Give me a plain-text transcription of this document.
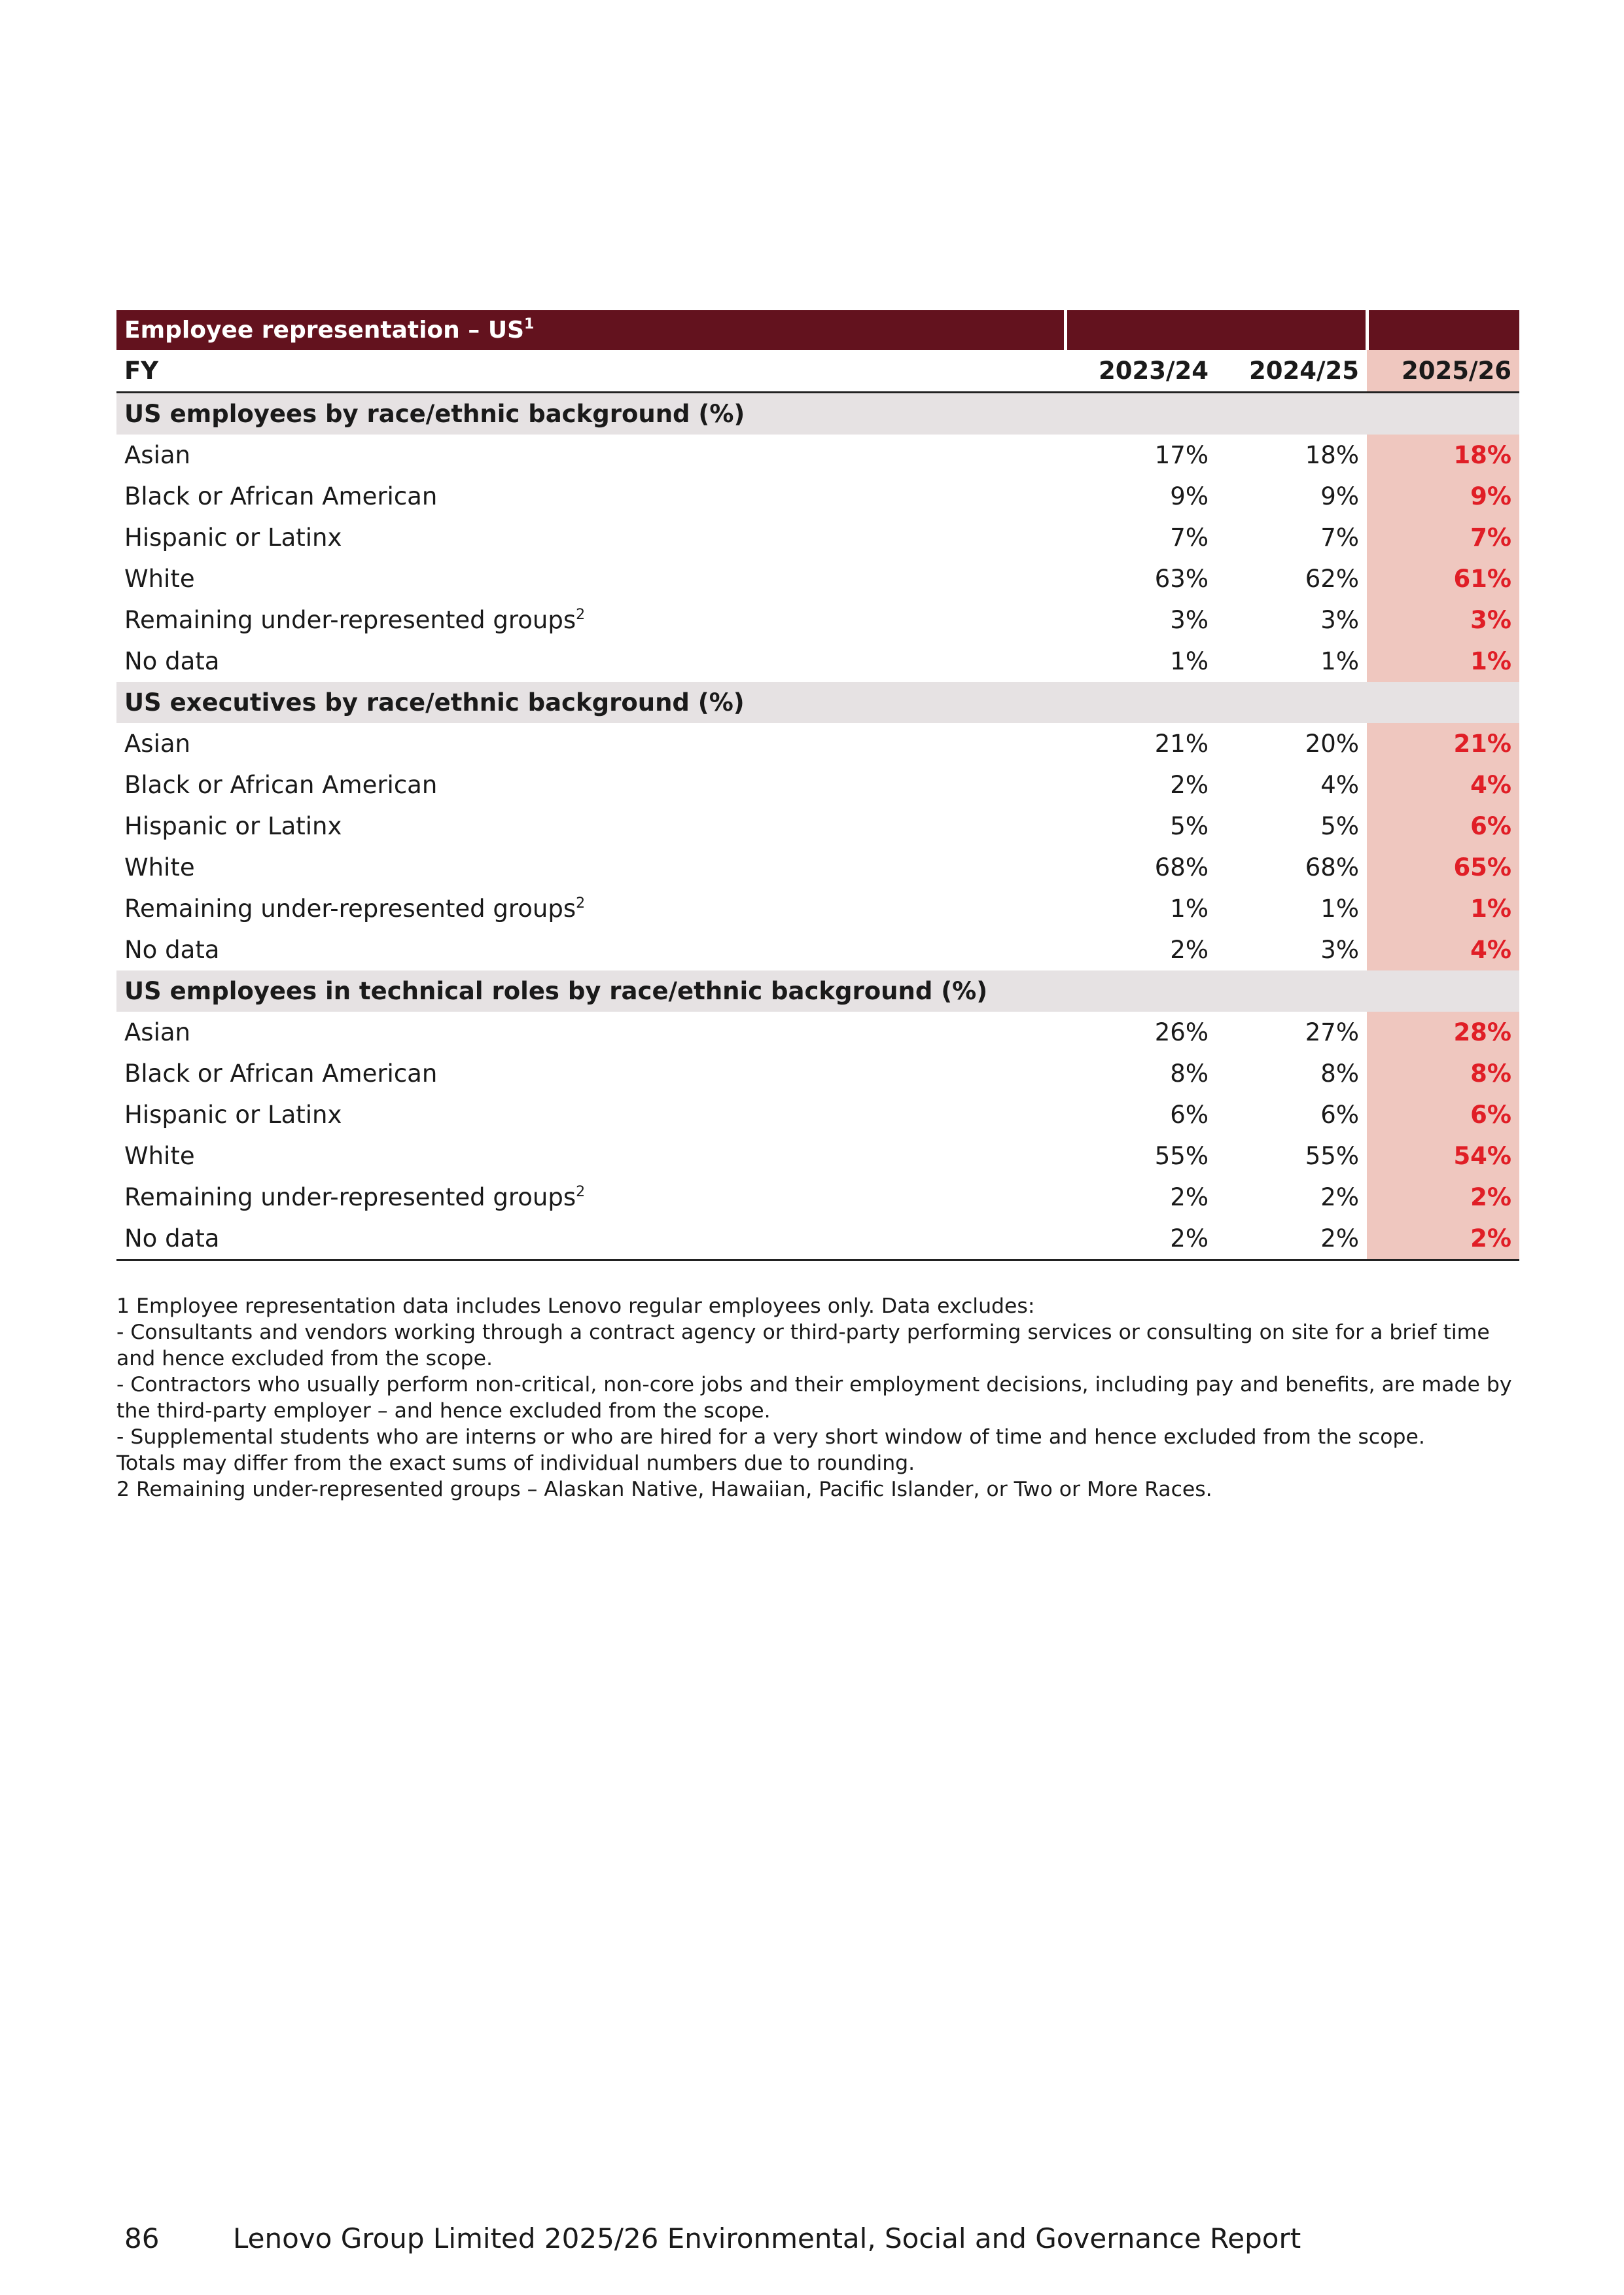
Employee representation – $US^1$		
FY	2023/24	2024/25	2025/26
US employees by race/ethnic background (%)			
Asian	17%	18%	18%
Black or African American	9%	9%	9%
Hispanic or Latinx	7%	7%	7%
White	63%	62%	61%
Remaining under-represented groups$^2$	3%	3%	3%
No data	1%	1%	1%
US executives by race/ethnic background (%)			
Asian	21%	20%	21%
Black or African American	2%	4%	4%
Hispanic or Latinx	5%	5%	6%
White	68%	68%	65%
Remaining under-represented groups$^2$	1%	1%	1%
No data	2%	3%	4%
US employees in technical roles by race/ethnic background (%)			
Asian	26%	27%	28%
Black or African American	8%	8%	8%
Hispanic or Latinx	6%	6%	6%
White	55%	55%	54%
Remaining under-represented groups$^2$	2%	2%	2%
No data	2%	2%	2%

1 Employee representation data includes Lenovo regular employees only. Data excludes:

- Consultants and vendors working through a contract agency or third-party performing services or consulting on site for a brief time and hence excluded from the scope.

- Contractors who usually perform non-critical, non-core jobs and their employment decisions, including pay and benefits, are made by the third-party employer – and hence excluded from the scope.

- Supplemental students who are interns or who are hired for a very short window of time and hence excluded from the scope.

Totals may differ from the exact sums of individual numbers due to rounding.

2 Remaining under-represented groups – Alaskan Native, Hawaiian, Pacific Islander, or Two or More Races.

86	Lenovo Group Limited 2025/26 Environmental, Social and Governance Report
